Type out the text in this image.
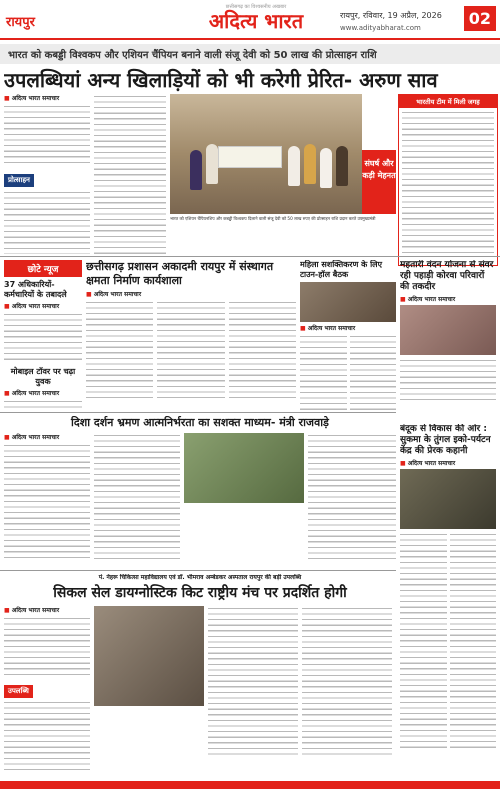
रायपुर
छत्तीसगढ़ का विश्वसनीय अखबार
अदित्य भारत	रायपुर, रविवार, 19 अप्रैल, 2026
www.adityabharat.com	02
भारत को कबड्डी विश्वकप और एशियन चैंपियन बनाने वाली संजू देवी को 50 लाख की प्रोत्साहन राशि
उपलब्धियां अन्य खिलाड़ियों को भी करेगी प्रेरित- अरुण साव
■ अदित्य भारत समाचार
प्रोत्साहन
संघर्ष और कड़ी मेहनत
भारत को एशियन चैंपियनशिप और कबड्डी विश्वकप दिलाने वाली संजू देवी को 50 लाख रुपए की प्रोत्साहन राशि प्रदान करते उपमुख्यमंत्री
भारतीय टीम में मिली जगह
छोटे न्यूज
37 अधिकारियों-कर्मचारियों के तबादले
■ अदित्य भारत समाचार
मोबाइल टॉवर पर चढ़ा युवक
■ अदित्य भारत समाचार
छत्तीसगढ़ प्रशासन अकादमी रायपुर में संस्थागत क्षमता निर्माण कार्यशाला
■ अदित्य भारत समाचार
महिला सशक्तिकरण के लिए टाउन-हॉल बैठक
■ अदित्य भारत समाचार
महतारी वंदन योजना से संवर रही पहाड़ी कोरवा परिवारों की तकदीर
■ अदित्य भारत समाचार
दिशा दर्शन भ्रमण आत्मनिर्भरता का सशक्त माध्यम- मंत्री राजवाड़े
■ अदित्य भारत समाचार
बंदूक से विकास की ओर : सुकमा के तुंगल इको-पर्यटन केंद्र की प्रेरक कहानी
■ अदित्य भारत समाचार
पं. नेहरू चिकित्सा महाविद्यालय एवं डॉ. भीमराव अम्बेडकर अस्पताल रायपुर की बड़ी उपलब्धि
सिकल सेल डायग्नोस्टिक किट राष्ट्रीय मंच पर प्रदर्शित होगी
■ अदित्य भारत समाचार
उपलब्धि
